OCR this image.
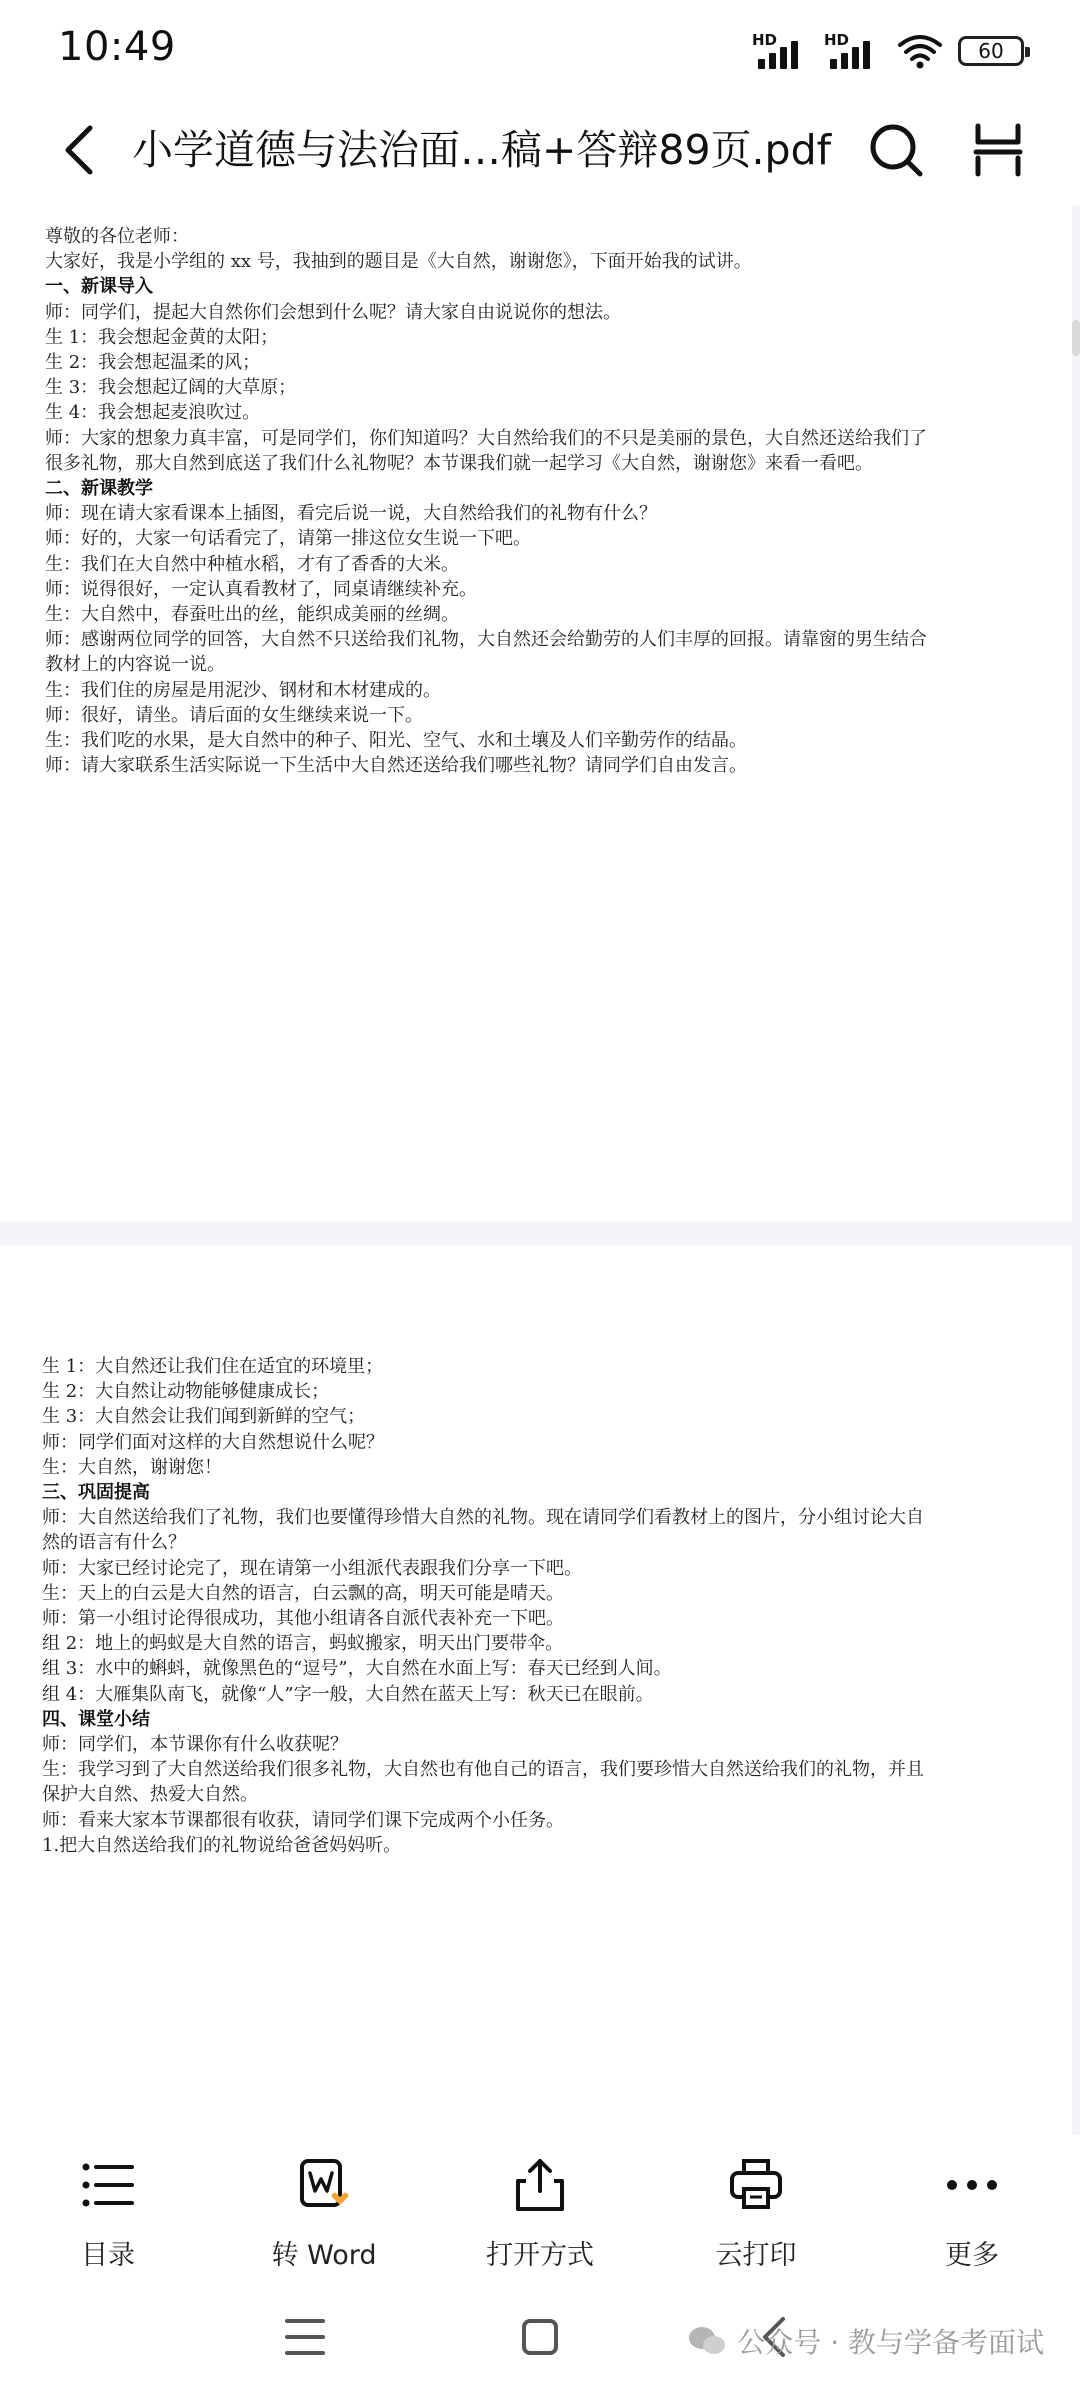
10:49	HD	HD	60
小学道德与法治面…稿+答辩89页.pdf
尊敬的各位老师：
大家好，我是小学组的 xx 号，我抽到的题目是《大自然，谢谢您》，下面开始我的试讲。
一、新课导入
师：同学们，提起大自然你们会想到什么呢？请大家自由说说你的想法。
生 1：我会想起金黄的太阳；
生 2：我会想起温柔的风；
生 3：我会想起辽阔的大草原；
生 4：我会想起麦浪吹过。
师：大家的想象力真丰富，可是同学们，你们知道吗？大自然给我们的不只是美丽的景色，大自然还送给我们了
很多礼物，那大自然到底送了我们什么礼物呢？本节课我们就一起学习《大自然，谢谢您》来看一看吧。
二、新课教学
师：现在请大家看课本上插图，看完后说一说，大自然给我们的礼物有什么？
师：好的，大家一句话看完了，请第一排这位女生说一下吧。
生：我们在大自然中种植水稻，才有了香香的大米。
师：说得很好，一定认真看教材了，同桌请继续补充。
生：大自然中，春蚕吐出的丝，能织成美丽的丝绸。
师：感谢两位同学的回答，大自然不只送给我们礼物，大自然还会给勤劳的人们丰厚的回报。请靠窗的男生结合
教材上的内容说一说。
生：我们住的房屋是用泥沙、钢材和木材建成的。
师：很好，请坐。请后面的女生继续来说一下。
生：我们吃的水果，是大自然中的种子、阳光、空气、水和土壤及人们辛勤劳作的结晶。
师：请大家联系生活实际说一下生活中大自然还送给我们哪些礼物？请同学们自由发言。
生 1：大自然还让我们住在适宜的环境里；
生 2：大自然让动物能够健康成长；
生 3：大自然会让我们闻到新鲜的空气；
师：同学们面对这样的大自然想说什么呢？
生：大自然，谢谢您！
三、巩固提高
师：大自然送给我们了礼物，我们也要懂得珍惜大自然的礼物。现在请同学们看教材上的图片，分小组讨论大自
然的语言有什么？
师：大家已经讨论完了，现在请第一小组派代表跟我们分享一下吧。
生：天上的白云是大自然的语言，白云飘的高，明天可能是晴天。
师：第一小组讨论得很成功，其他小组请各自派代表补充一下吧。
组 2：地上的蚂蚁是大自然的语言，蚂蚁搬家，明天出门要带伞。
组 3：水中的蝌蚪，就像黑色的“逗号”，大自然在水面上写：春天已经到人间。
组 4：大雁集队南飞，就像“人”字一般，大自然在蓝天上写：秋天已在眼前。
四、课堂小结
师：同学们，本节课你有什么收获呢？
生：我学习到了大自然送给我们很多礼物，大自然也有他自己的语言，我们要珍惜大自然送给我们的礼物，并且
保护大自然、热爱大自然。
师：看来大家本节课都很有收获，请同学们课下完成两个小任务。
1.把大自然送给我们的礼物说给爸爸妈妈听。
目录	转 Word	打开方式	云打印	更多
公众号 · 教与学备考面试
